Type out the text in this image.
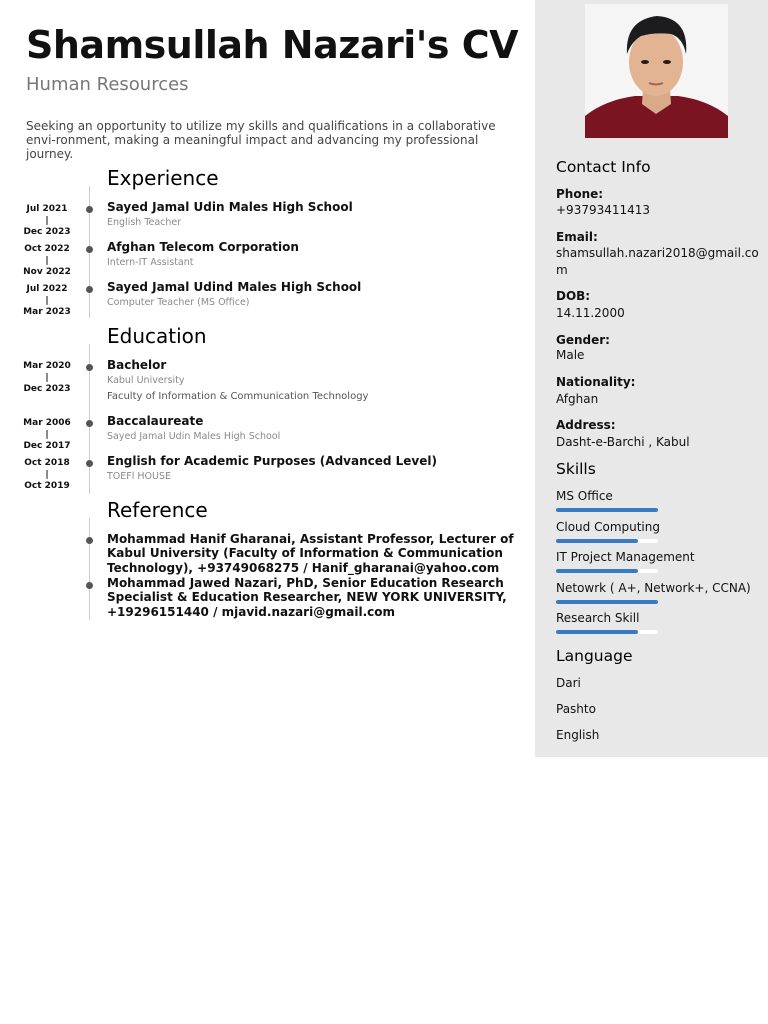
Shamsullah Nazari's CV
Human Resources
Seeking an opportunity to utilize my skills and qualifications in a collaborative envi-ronment, making a meaningful impact and advancing my professional journey.
Experience
Jul 2021
|
Dec 2023
Sayed Jamal Udin Males High School
English Teacher
Oct 2022
|
Nov 2022
Afghan Telecom Corporation
Intern-IT Assistant
Jul 2022
|
Mar 2023
Sayed Jamal Udind Males High School
Computer Teacher (MS Office)
Education
Mar 2020
|
Dec 2023
Bachelor
Kabul University
Faculty of Information & Communication Technology
Mar 2006
|
Dec 2017
Baccalaureate
Sayed Jamal Udin Males High School
Oct 2018
|
Oct 2019
English for Academic Purposes (Advanced Level)
TOEFl HOUSE
Reference
Mohammad Hanif Gharanai, Assistant Professor, Lecturer of Kabul University (Faculty of Information & Communication Technology), +93749068275 / Hanif_gharanai@yahoo.com
Mohammad Jawed Nazari, PhD, Senior Education Research Specialist & Education Researcher, NEW YORK UNIVERSITY, +19296151440 / mjavid.nazari@gmail.com
Contact Info
Phone:
+93793411413
Email:
shamsullah.nazari2018@gmail.com
DOB:
14.11.2000
Gender:
Male
Nationality:
Afghan
Address:
Dasht-e-Barchi , Kabul
Skills
MS Office
Cloud Computing
IT Project Management
Netowrk ( A+, Network+, CCNA)
Research Skill
Language
Dari
Pashto
English
